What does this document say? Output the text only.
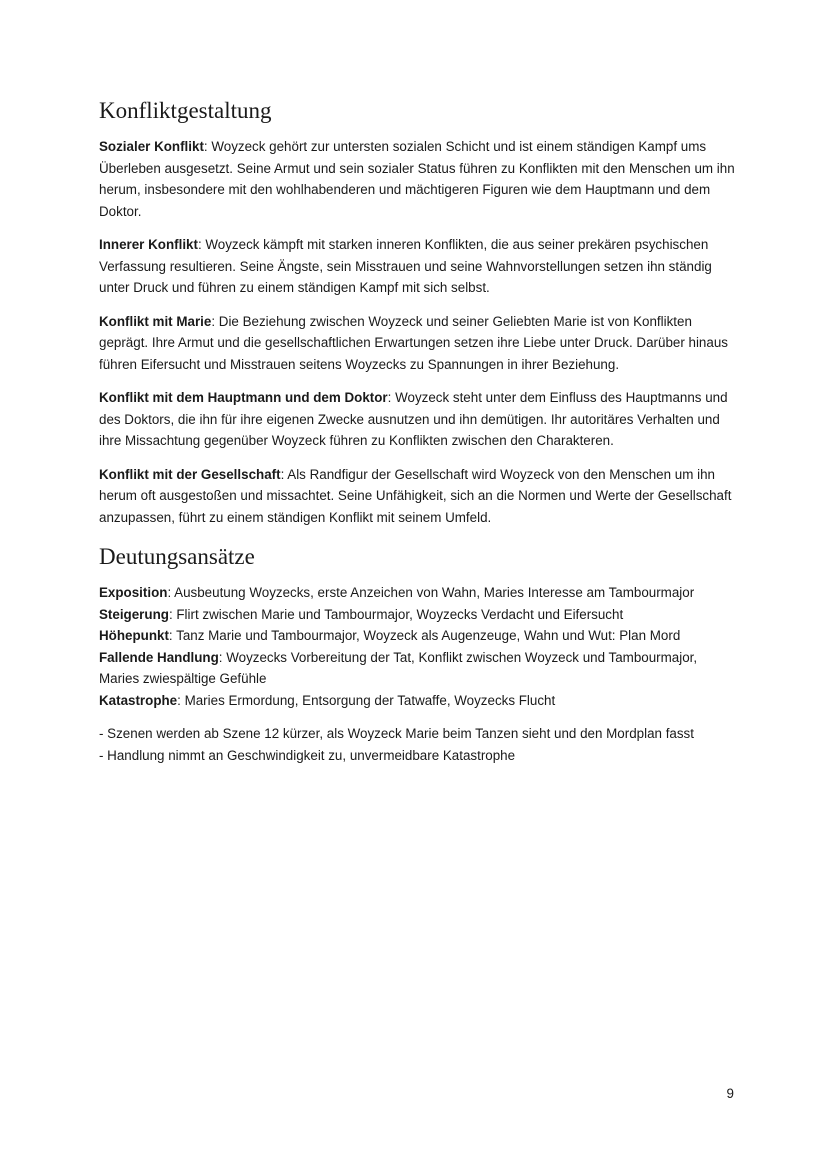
Konfliktgestaltung

Sozialer Konflikt: Woyzeck gehört zur untersten sozialen Schicht und ist einem ständigen Kampf ums Überleben ausgesetzt. Seine Armut und sein sozialer Status führen zu Konflikten mit den Menschen um ihn herum, insbesondere mit den wohlhabenderen und mächtigeren Figuren wie dem Hauptmann und dem Doktor.

Innerer Konflikt: Woyzeck kämpft mit starken inneren Konflikten, die aus seiner prekären psychischen Verfassung resultieren. Seine Ängste, sein Misstrauen und seine Wahnvorstellungen setzen ihn ständig unter Druck und führen zu einem ständigen Kampf mit sich selbst.

Konflikt mit Marie: Die Beziehung zwischen Woyzeck und seiner Geliebten Marie ist von Konflikten geprägt. Ihre Armut und die gesellschaftlichen Erwartungen setzen ihre Liebe unter Druck. Darüber hinaus führen Eifersucht und Misstrauen seitens Woyzecks zu Spannungen in ihrer Beziehung.

Konflikt mit dem Hauptmann und dem Doktor: Woyzeck steht unter dem Einfluss des Hauptmanns und des Doktors, die ihn für ihre eigenen Zwecke ausnutzen und ihn demütigen. Ihr autoritäres Verhalten und ihre Missachtung gegenüber Woyzeck führen zu Konflikten zwischen den Charakteren.

Konflikt mit der Gesellschaft: Als Randfigur der Gesellschaft wird Woyzeck von den Menschen um ihn herum oft ausgestoßen und missachtet. Seine Unfähigkeit, sich an die Normen und Werte der Gesellschaft anzupassen, führt zu einem ständigen Konflikt mit seinem Umfeld.

Deutungsansätze

Exposition: Ausbeutung Woyzecks, erste Anzeichen von Wahn, Maries Interesse am Tambourmajor

Steigerung: Flirt zwischen Marie und Tambourmajor, Woyzecks Verdacht und Eifersucht

Höhepunkt: Tanz Marie und Tambourmajor, Woyzeck als Augenzeuge, Wahn und Wut: Plan Mord

Fallende Handlung: Woyzecks Vorbereitung der Tat, Konflikt zwischen Woyzeck und Tambourmajor, Maries zwiespältige Gefühle

Katastrophe: Maries Ermordung, Entsorgung der Tatwaffe, Woyzecks Flucht

- Szenen werden ab Szene 12 kürzer, als Woyzeck Marie beim Tanzen sieht und den Mordplan fasst

- Handlung nimmt an Geschwindigkeit zu, unvermeidbare Katastrophe

9
